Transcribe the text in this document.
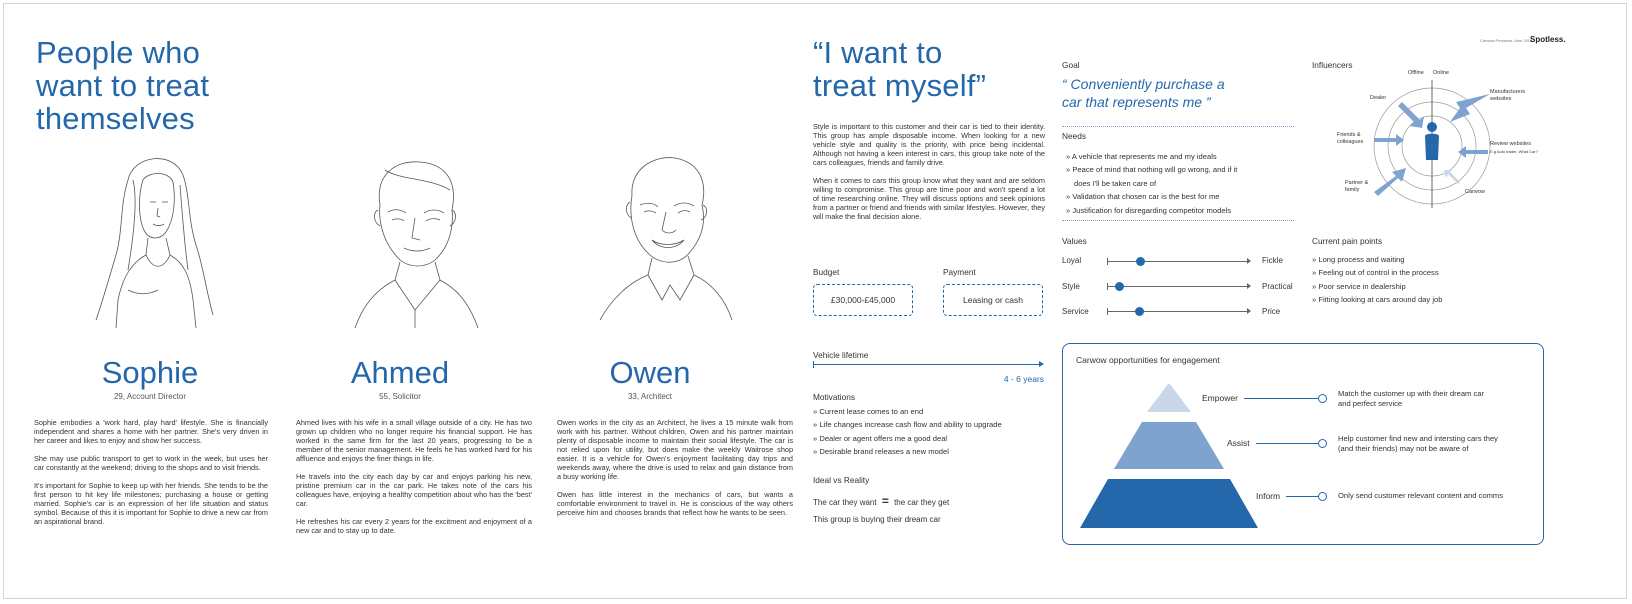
People who
want to treat
themselves
Sophie
29, Account Director
Ahmed
55, Solicitor
Owen
33, Architect

Sophie embodies a 'work hard, play hard' lifestyle. She is financially independent and shares a home with her partner. She's very driven in her career and likes to enjoy and show her success.

She may use public transport to get to work in the week, but uses her car constantly at the weekend; driving to the shops and to visit friends.

It's important for Sophie to keep up with her friends. She tends to be the first person to hit key life milestones; purchasing a house or getting married. Sophie's car is an expression of her life situation and status symbol. Because of this it is important for Sophie to drive a new car from an aspirational brand.

Ahmed lives with his wife in a small village outside of a city. He has two grown up children who no longer require his financial support. He has worked in the same firm for the last 20 years, progressing to be a member of the senior management. He feels he has worked hard for his affluence and enjoys the finer things in life.

He travels into the city each day by car and enjoys parking his new, pristine premium car in the car park. He takes note of the cars his colleagues have, enjoying a healthy competition about who has the 'best' car.

He refreshes his car every 2 years for the excitment and enjoyment of a new car and to stay up to date.

Owen works in the city as an Architect, he lives a 15 minute walk from work with his partner. Without children, Owen and his partner maintain plenty of disposable income to maintain their social lifestyle. The car is not relied upon for utility, but does make the weekly Waitrose shop easier. It is a vehicle for Owen's enjoyment facilitating day trips and weekends away, where the drive is used to relax and gain distance from a busy working life.

Owen has little interest in the mechanics of cars, but wants a comfortable environment to travel in. He is conscious of the way others perceive him and chooses brands that reflect how he wants to be seen.

Carwow Personas June 2018
Spotless.
“I want to
treat myself”

Style is important to this customer and their car is tied to their identity. This group has ample disposable income. When looking for a new vehicle style and quality is the priority, with price being incidental. Although not having a keen interest in cars, this group take note of the cars colleagues, friends and family drive.

When it comes to cars this group know what they want and are seldom willing to compromise. This group are time poor and won't spend a lot of time researching online. They will discuss options and seek opinions from a partner or friend and friends with similar lifestyles. However, they will make the final decision alone.

Budget
£30,000-£45,000
Payment
Leasing or cash
Vehicle lifetime
4 - 6 years
Motivations
» Current lease comes to an end
» Life changes increase cash flow and ability to upgrade
» Dealer or agent offers me a good deal
» Desirable brand releases a new model
Ideal vs Reality
The car they want = the car they get
This group is buying their dream car
Goal
“ Conveniently purchase a
car that represents me ”
Needs
» A vehicle that represents me and my ideals
» Peace of mind that nothing will go wrong, and if it
does I'll be taken care of
» Validation that chosen car is the best for me
» Justification for disregarding competitor models
Values
Loyal	Fickle
Style	Practical
Service	Price
Influencers
Offline Online
Dealer
Friends &
colleagues
Partner &
family
Manufacturers
websites
Review websites
E.g Auto trader, What Car?
Carwow
Current pain points
» Long process and waiting
» Feeling out of control in the process
» Poor service in dealership
» Fitting looking at cars around day job
Carwow opportunities for engagement
Empower	Match the customer up with their dream car
and perfect service
Assist	Help customer find new and intersting cars they
(and their friends) may not be aware of
Inform	Only send customer relevant content and comms
